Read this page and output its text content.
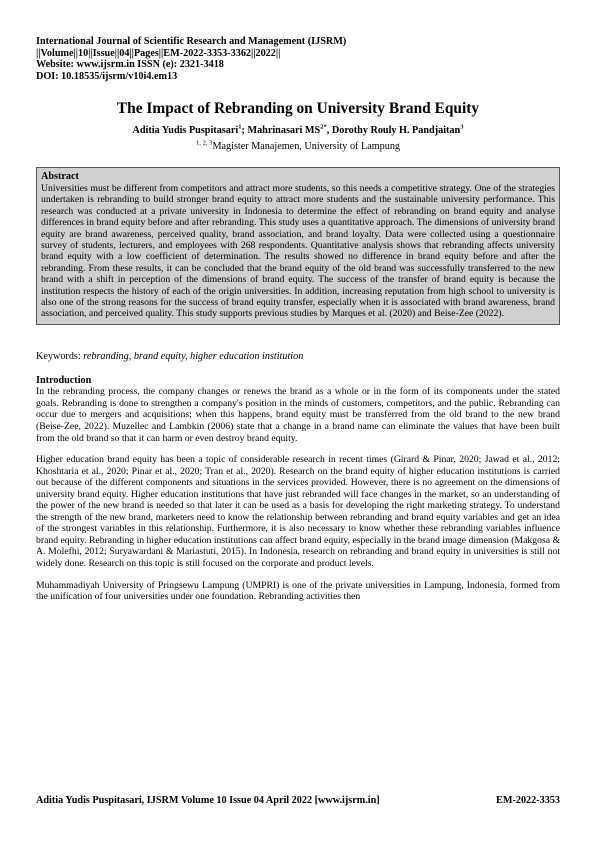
International Journal of Scientific Research and Management (IJSRM)
||Volume||10||Issue||04||Pages||EM-2022-3353-3362||2022||
Website: www.ijsrm.in ISSN (e): 2321-3418
DOI: 10.18535/ijsrm/v10i4.em13
The Impact of Rebranding on University Brand Equity
Aditia Yudis Puspitasari$^1$; Mahrinasari $MS^{2*}$, Dorothy Rouly H. Pandjaitan$^3$
$^{1, 2, 3}$Magister Manajemen, University of Lampung
Abstract
Universities must be different from competitors and attract more students, so this needs a competitive strategy. One of the strategies undertaken is rebranding to build stronger brand equity to attract more students and the sustainable university performance. This research was conducted at a private university in Indonesia to determine the effect of rebranding on brand equity and analyse differences in brand equity before and after rebranding. This study uses a quantitative approach. The dimensions of university brand equity are brand awareness, perceived quality, brand association, and brand loyalty. Data were collected using a questionnaire survey of students, lecturers, and employees with 268 respondents. Quantitative analysis shows that rebranding affects university brand equity with a low coefficient of determination. The results showed no difference in brand equity before and after the rebranding. From these results, it can be concluded that the brand equity of the old brand was successfully transferred to the new brand with a shift in perception of the dimensions of brand equity. The success of the transfer of brand equity is because the institution respects the history of each of the origin universities. In addition, increasing reputation from high school to university is also one of the strong reasons for the success of brand equity transfer, especially when it is associated with brand awareness, brand association, and perceived quality. This study supports previous studies by Marques et al. (2020) and Beise-Zee (2022).
Keywords: rebranding, brand equity, higher education institution
Introduction

In the rebranding process, the company changes or renews the brand as a whole or in the form of its components under the stated goals. Rebranding is done to strengthen a company's position in the minds of customers, competitors, and the public. Rebranding can occur due to mergers and acquisitions; when this happens, brand equity must be transferred from the old brand to the new brand (Beise-Zee, 2022). Muzellec and Lambkin (2006) state that a change in a brand name can eliminate the values that have been built from the old brand so that it can harm or even destroy brand equity.

Higher education brand equity has been a topic of considerable research in recent times (Girard & Pinar, 2020; Jawad et al., 2012; Khoshtaria et al., 2020; Pinar et al., 2020; Tran et al., 2020). Research on the brand equity of higher education institutions is carried out because of the different components and situations in the services provided. However, there is no agreement on the dimensions of university brand equity. Higher education institutions that have just rebranded will face changes in the market, so an understanding of the power of the new brand is needed so that later it can be used as a basis for developing the right marketing strategy. To understand the strength of the new brand, marketers need to know the relationship between rebranding and brand equity variables and get an idea of the strongest variables in this relationship. Furthermore, it is also necessary to know whether these rebranding variables influence brand equity. Rebranding in higher education institutions can affect brand equity, especially in the brand image dimension (Makgosa & A. Molefhi, 2012; Suryawardani & Mariastuti, 2015). In Indonesia, research on rebranding and brand equity in universities is still not widely done. Research on this topic is still focused on the corporate and product levels.

Muhammadiyah University of Pringsewu Lampung (UMPRI) is one of the private universities in Lampung, Indonesia, formed from the unification of four universities under one foundation. Rebranding activities then

Aditia Yudis Puspitasari, IJSRM Volume 10 Issue 04 April 2022 [www.ijsrm.in]	EM-2022-3353
